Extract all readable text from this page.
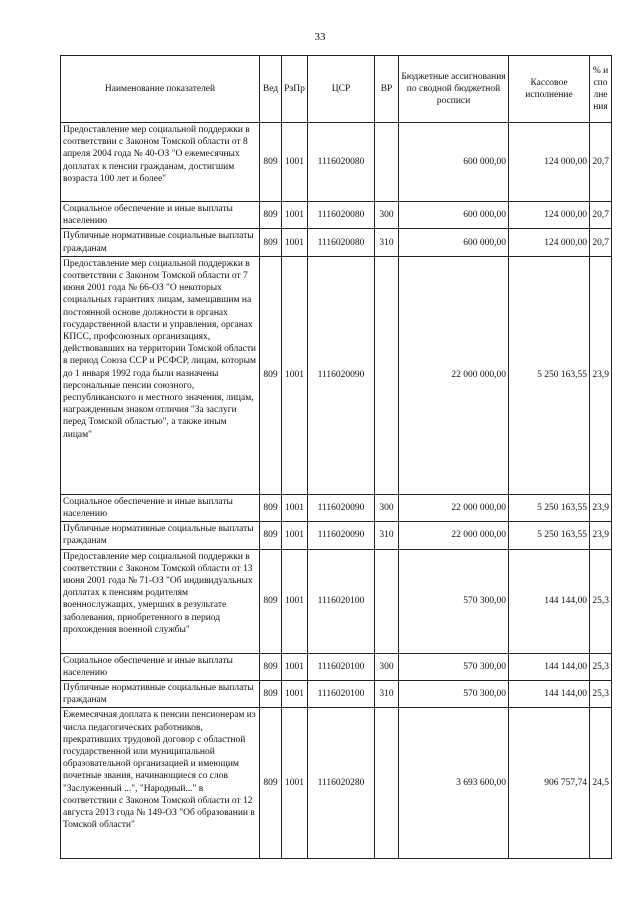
33
Наименование показателей	Вед	РзПр	ЦСР	ВР	Бюджетные ассигнования по сводной бюджетной росписи	Кассовое исполнение	% исполнения
Предоставление мер социальной поддержки в соответствии с Законом Томской области от 8 апреля 2004 года № 40-ОЗ "О ежемесячных доплатах к пенсии гражданам, достигшим возраста 100 лет и более"	809	1001	1116020080		600 000,00	124 000,00	20,7
Социальное обеспечение и иные выплаты населению	809	1001	1116020080	300	600 000,00	124 000,00	20,7
Публичные нормативные социальные выплаты гражданам	809	1001	1116020080	310	600 000,00	124 000,00	20,7
Предоставление мер социальной поддержки в соответствии с Законом Томской области от 7 июня 2001 года № 66-ОЗ "О некоторых социальных гарантиях лицам, замещавшим на постоянной основе должности в органах государственной власти и управления, органах КПСС, профсоюзных организациях, действовавших на территории Томской области в период Союза ССР и РСФСР, лицам, которым до 1 января 1992 года были назначены персональные пенсии союзного, республиканского и местного значения, лицам, награжденным знаком отличия "За заслуги перед Томской областью", а также иным лицам"	809	1001	1116020090		22 000 000,00	5 250 163,55	23,9
Социальное обеспечение и иные выплаты населению	809	1001	1116020090	300	22 000 000,00	5 250 163,55	23,9
Публичные нормативные социальные выплаты гражданам	809	1001	1116020090	310	22 000 000,00	5 250 163,55	23,9
Предоставление мер социальной поддержки в соответствии с Законом Томской области от 13 июня 2001 года № 71-ОЗ "Об индивидуальных доплатах к пенсиям родителям военнослужащих, умерших в результате заболевания, приобретенного в период прохождения военной службы"	809	1001	1116020100		570 300,00	144 144,00	25,3
Социальное обеспечение и иные выплаты населению	809	1001	1116020100	300	570 300,00	144 144,00	25,3
Публичные нормативные социальные выплаты гражданам	809	1001	1116020100	310	570 300,00	144 144,00	25,3
Ежемесячная доплата к пенсии пенсионерам из числа педагогических работников, прекративших трудовой договор с областной государственной или муниципальной образовательной организацией и имеющим почетные звания, начинающиеся со слов "Заслуженный ...", "Народный..." в соответствии с Законом Томской области от 12 августа 2013 года № 149-ОЗ "Об образовании в Томской области"	809	1001	1116020280		3 693 600,00	906 757,74	24,5
